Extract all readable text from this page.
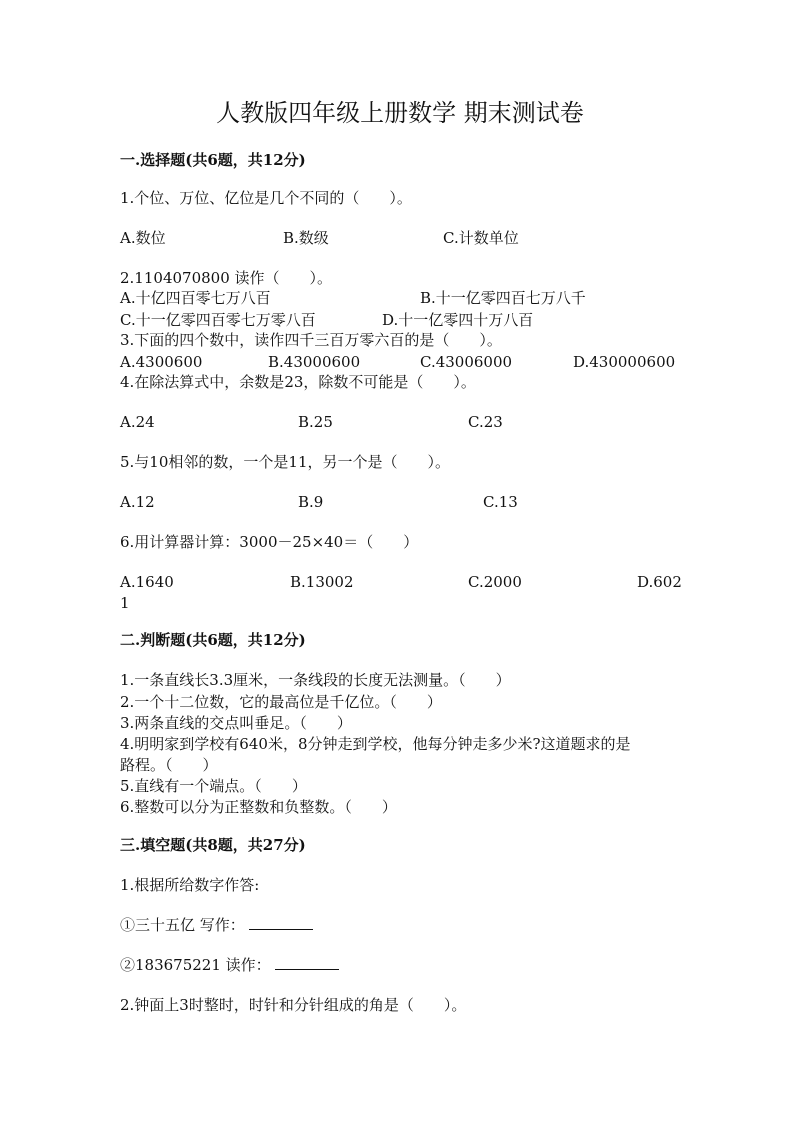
人教版四年级上册数学 期末测试卷
一.选择题(共6题，共12分)
1.个位、万位、亿位是几个不同的（　　）。
A.数位	B.数级	C.计数单位
2.1104070800 读作（　　）。
A.十亿四百零七万八百	B.十一亿零四百七万八千
C.十一亿零四百零七万零八百	D.十一亿零四十万八百
3.下面的四个数中，读作四千三百万零六百的是（　　）。
A.4300600	B.43000600	C.43006000	D.430000600
4.在除法算式中，余数是23，除数不可能是（　　）。
A.24	B.25	C.23
5.与10相邻的数，一个是11，另一个是（　　）。
A.12	B.9	C.13
6.用计算器计算：3000－25×40＝（　　）
A.1640	B.13002	C.2000	D.602
1
二.判断题(共6题，共12分)
1.一条直线长3.3厘米，一条线段的长度无法测量。（　　）
2.一个十二位数，它的最高位是千亿位。（　　）
3.两条直线的交点叫垂足。（　　）
4.明明家到学校有640米，8分钟走到学校，他每分钟走多少米?这道题求的是
路程。（　　）
5.直线有一个端点。（　　）
6.整数可以分为正整数和负整数。（　　）
三.填空题(共8题，共27分)
1.根据所给数字作答:
①三十五亿 写作：
②183675221 读作：
2.钟面上3时整时，时针和分针组成的角是（　　）。
